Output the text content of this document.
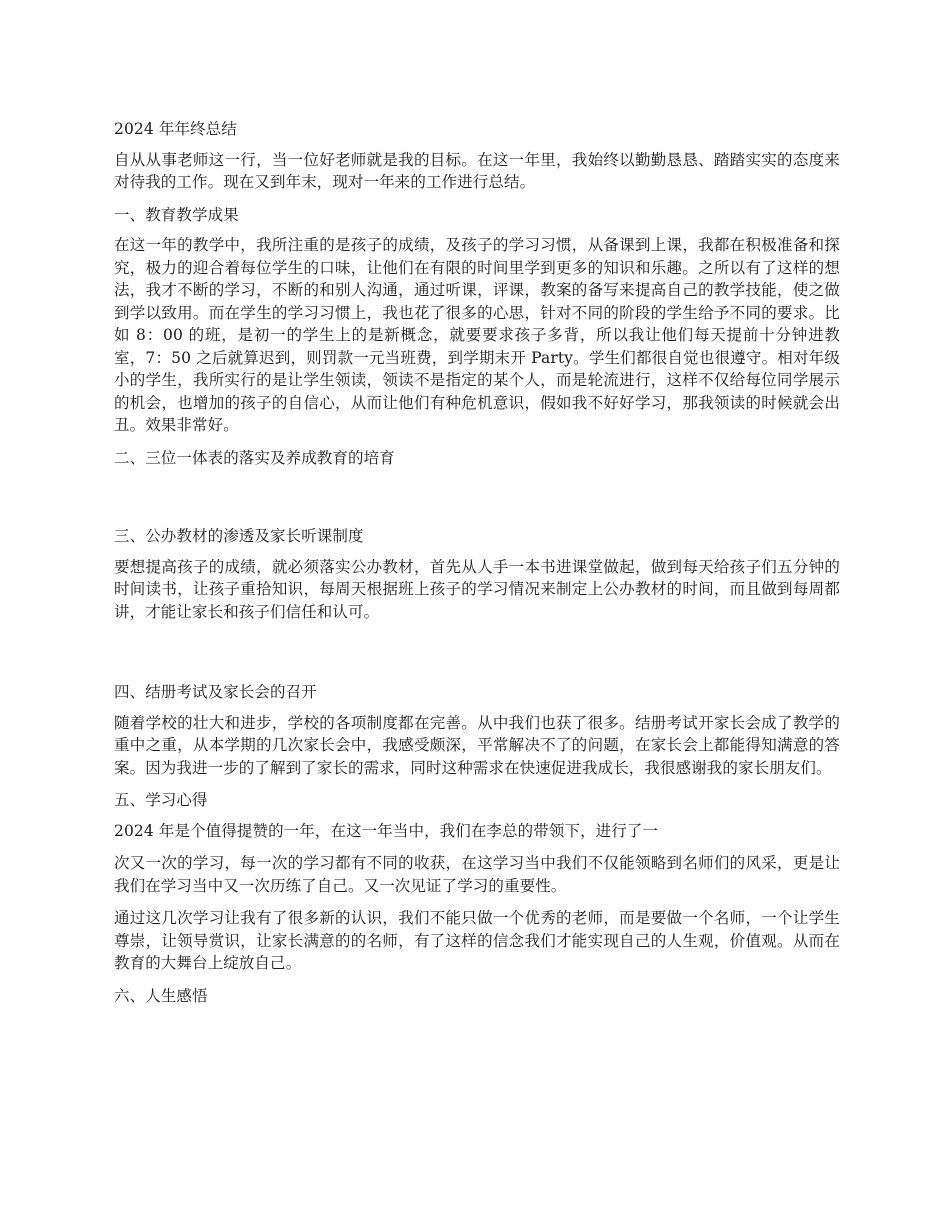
2024 年年终总结

自从从事老师这一行，当一位好老师就是我的目标。在这一年里，我始终以勤勤恳恳、踏踏实实的态度来对待我的工作。现在又到年末，现对一年来的工作进行总结。

一、教育教学成果

在这一年的教学中，我所注重的是孩子的成绩，及孩子的学习习惯，从备课到上课，我都在积极准备和探究，极力的迎合着每位学生的口味，让他们在有限的时间里学到更多的知识和乐趣。之所以有了这样的想法，我才不断的学习，不断的和别人沟通，通过听课，评课，教案的备写来提高自己的教学技能，使之做到学以致用。而在学生的学习习惯上，我也花了很多的心思，针对不同的阶段的学生给予不同的要求。比如 8：00 的班，是初一的学生上的是新概念，就要要求孩子多背，所以我让他们每天提前十分钟进教室，7：50 之后就算迟到，则罚款一元当班费，到学期末开 Party。学生们都很自觉也很遵守。相对年级小的学生，我所实行的是让学生领读，领读不是指定的某个人，而是轮流进行，这样不仅给每位同学展示的机会，也增加的孩子的自信心，从而让他们有种危机意识，假如我不好好学习，那我领读的时候就会出丑。效果非常好。

二、三位一体表的落实及养成教育的培育

三、公办教材的渗透及家长听课制度

要想提高孩子的成绩，就必须落实公办教材，首先从人手一本书进课堂做起，做到每天给孩子们五分钟的时间读书，让孩子重拾知识，每周天根据班上孩子的学习情况来制定上公办教材的时间，而且做到每周都讲，才能让家长和孩子们信任和认可。

四、结册考试及家长会的召开

随着学校的壮大和进步，学校的各项制度都在完善。从中我们也获了很多。结册考试开家长会成了教学的重中之重，从本学期的几次家长会中，我感受颇深，平常解决不了的问题，在家长会上都能得知满意的答案。因为我进一步的了解到了家长的需求，同时这种需求在快速促进我成长，我很感谢我的家长朋友们。

五、学习心得

2024 年是个值得提赞的一年，在这一年当中，我们在李总的带领下，进行了一

次又一次的学习，每一次的学习都有不同的收获，在这学习当中我们不仅能领略到名师们的风采，更是让我们在学习当中又一次历练了自己。又一次见证了学习的重要性。

通过这几次学习让我有了很多新的认识，我们不能只做一个优秀的老师，而是要做一个名师，一个让学生尊崇，让领导赏识，让家长满意的的名师，有了这样的信念我们才能实现自己的人生观，价值观。从而在教育的大舞台上绽放自己。

六、人生感悟
